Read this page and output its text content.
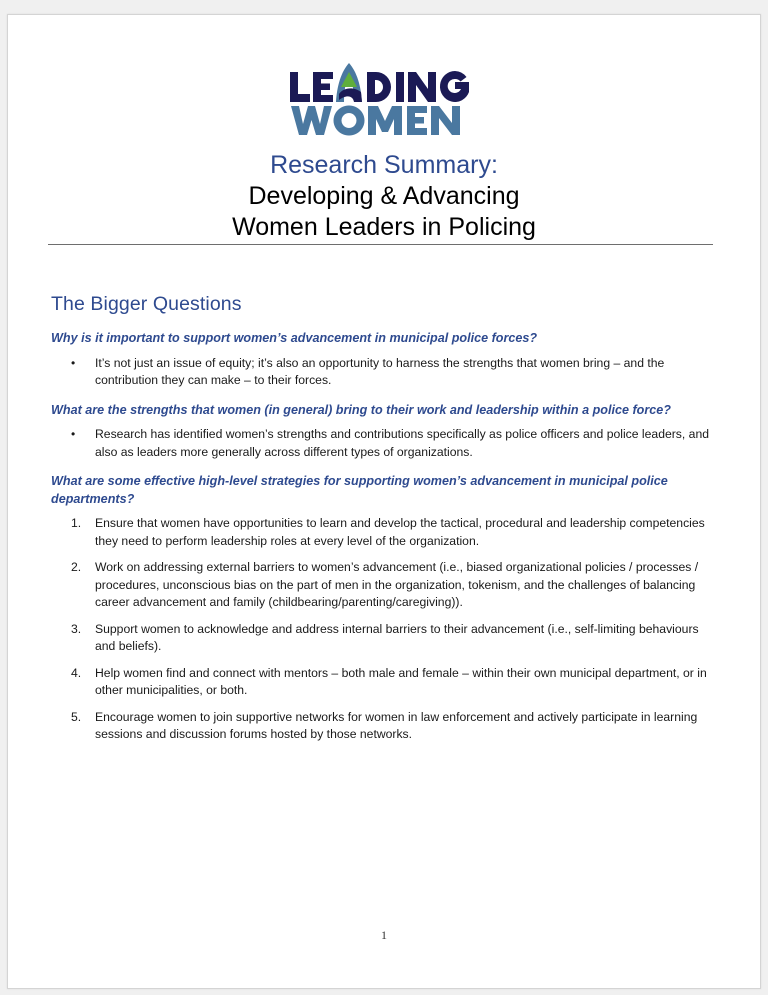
LEADING

Research Summary:

Developing & Advancing

Women Leaders in Policing

The Bigger Questions

Why is it important to support women’s advancement in municipal police forces?

• It’s not just an issue of equity; it’s also an opportunity to harness the strengths that women bring – and the contribution they can make – to their forces.

What are the strengths that women (in general) bring to their work and leadership within a police force?

• Research has identified women’s strengths and contributions specifically as police officers and police leaders, and also as leaders more generally across different types of organizations.

What are some effective high-level strategies for supporting women’s advancement in municipal police departments?

1. Ensure that women have opportunities to learn and develop the tactical, procedural and leadership competencies they need to perform leadership roles at every level of the organization.
2. Work on addressing external barriers to women’s advancement (i.e., biased organizational policies / processes / procedures, unconscious bias on the part of men in the organization, tokenism, and the challenges of balancing career advancement and family (childbearing/parenting/caregiving)).
3. Support women to acknowledge and address internal barriers to their advancement (i.e., self-limiting behaviours and beliefs).
4. Help women find and connect with mentors – both male and female – within their own municipal department, or in other municipalities, or both.
5. Encourage women to join supportive networks for women in law enforcement and actively participate in learning sessions and discussion forums hosted by those networks.
1
